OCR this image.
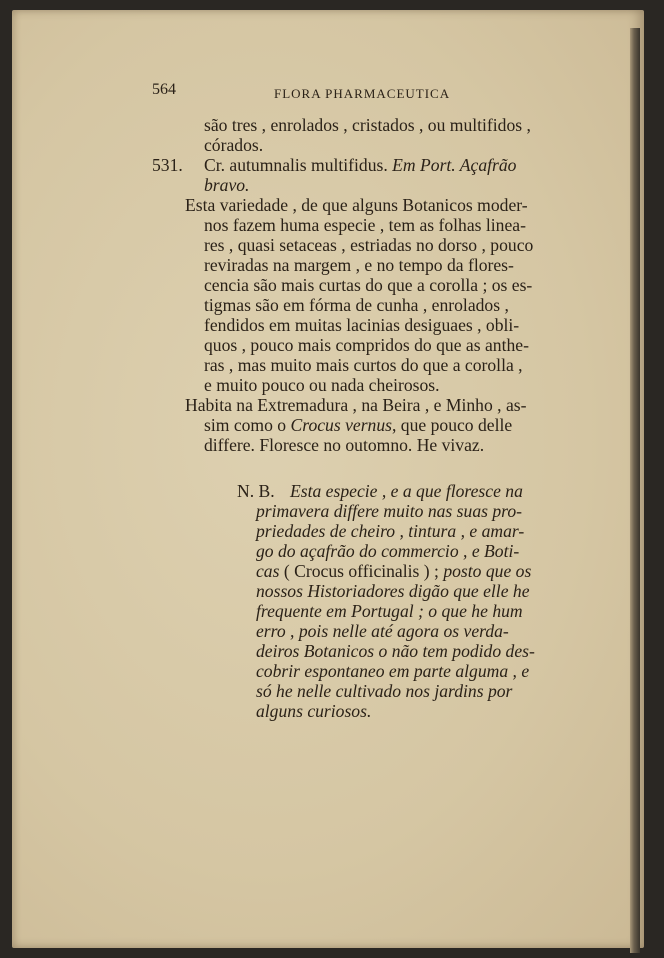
564	FLORA PHARMACEUTICA
são tres , enrolados , cristados , ou multifidos ,
córados.
531. Cr. autumnalis multifidus. Em Port. Açafrão
bravo.
Esta variedade , de que alguns Botanicos moder-
nos fazem huma especie , tem as folhas linea-
res , quasi setaceas , estriadas no dorso , pouco
reviradas na margem , e no tempo da flores-
cencia são mais curtas do que a corolla ; os es-
tigmas são em fórma de cunha , enrolados ,
fendidos em muitas lacinias desiguaes , obli-
quos , pouco mais compridos do que as anthe-
ras , mas muito mais curtos do que a corolla ,
e muito pouco ou nada cheirosos.
Habita na Extremadura , na Beira , e Minho , as-
sim como o Crocus vernus, que pouco delle
differe. Floresce no outomno. He vivaz.
N. B. Esta especie , e a que floresce na
primavera differe muito nas suas pro-
priedades de cheiro , tintura , e amar-
go do açafrão do commercio , e Boti-
cas ( Crocus officinalis ) ; posto que os
nossos Historiadores digão que elle he
frequente em Portugal ; o que he hum
erro , pois nelle até agora os verda-
deiros Botanicos o não tem podido des-
cobrir espontaneo em parte alguma , e
só he nelle cultivado nos jardins por
alguns curiosos.
